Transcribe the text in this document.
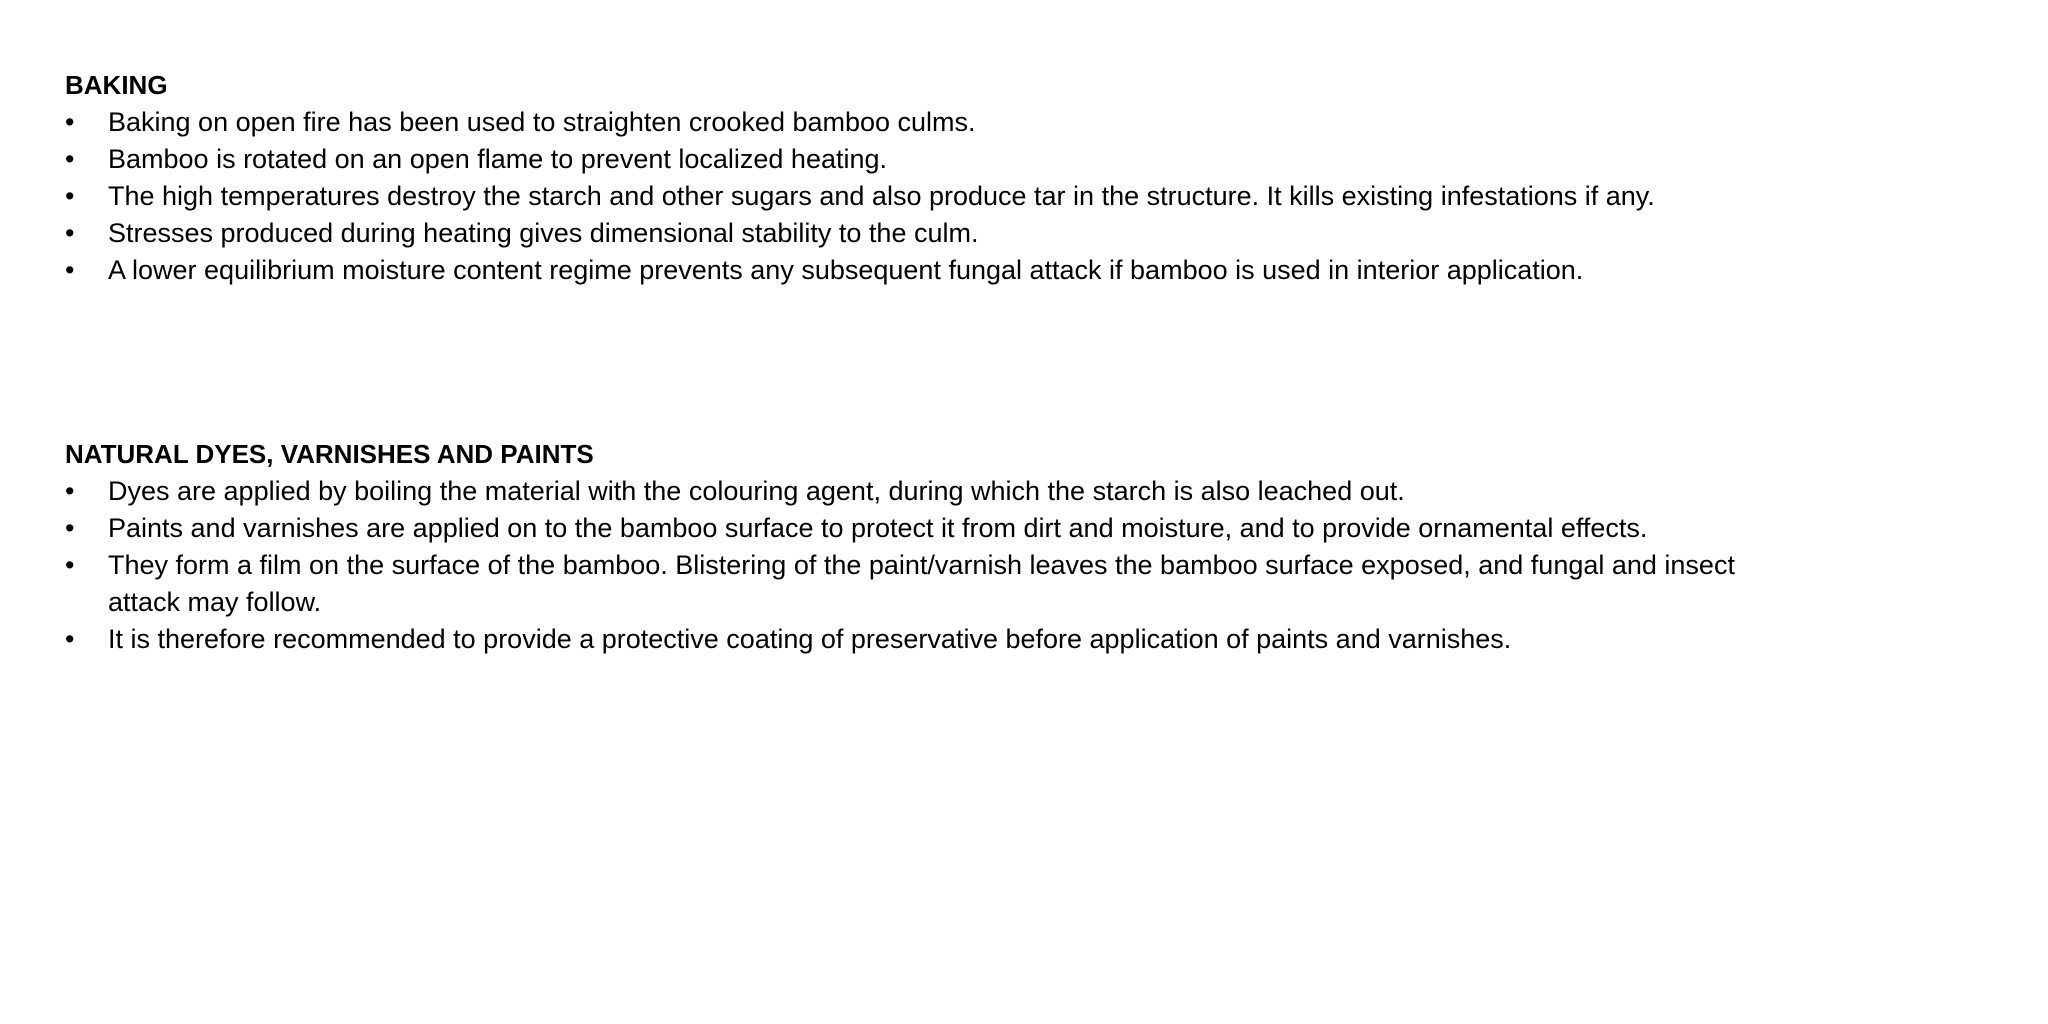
BAKING

•	Baking on open fire has been used to straighten crooked bamboo culms.
•	Bamboo is rotated on an open flame to prevent localized heating.
•	The high temperatures destroy the starch and other sugars and also produce tar in the structure. It kills existing infestations if any.
•	Stresses produced during heating gives dimensional stability to the culm.
•	A lower equilibrium moisture content regime prevents any subsequent fungal attack if bamboo is used in interior application.

NATURAL DYES, VARNISHES AND PAINTS

•	Dyes are applied by boiling the material with the colouring agent, during which the starch is also leached out.
•	Paints and varnishes are applied on to the bamboo surface to protect it from dirt and moisture, and to provide ornamental effects.
•	They form a film on the surface of the bamboo. Blistering of the paint/varnish leaves the bamboo surface exposed, and fungal and insect attack may follow.
•	It is therefore recommended to provide a protective coating of preservative before application of paints and varnishes.
